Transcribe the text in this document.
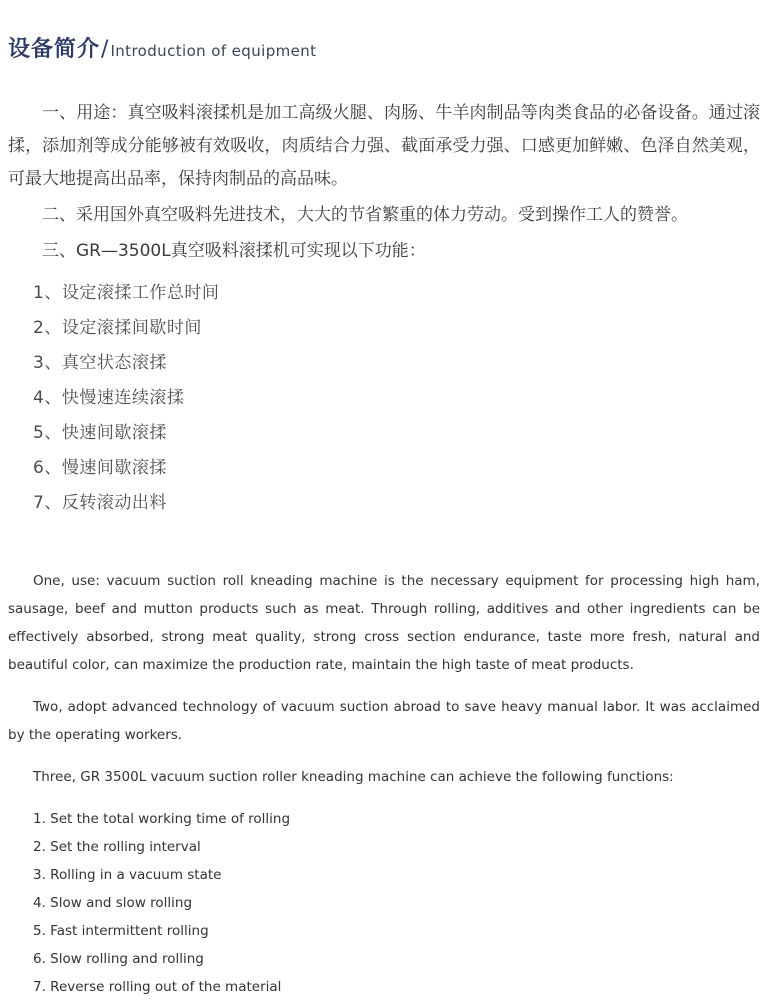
设备简介 / Introduction of equipment

一、用途：真空吸料滚揉机是加工高级火腿、肉肠、牛羊肉制品等肉类食品的必备设备。通过滚揉，添加剂等成分能够被有效吸收，肉质结合力强、截面承受力强、口感更加鲜嫩、色泽自然美观，可最大地提高出品率，保持肉制品的高品味。

二、采用国外真空吸料先进技术，大大的节省繁重的体力劳动。受到操作工人的赞誉。

三、GR—3500L真空吸料滚揉机可实现以下功能：

1、设定滚揉工作总时间
2、设定滚揉间歇时间
3、真空状态滚揉
4、快慢速连续滚揉
5、快速间歇滚揉
6、慢速间歇滚揉
7、反转滚动出料

One, use: vacuum suction roll kneading machine is the necessary equipment for processing high ham, sausage, beef and mutton products such as meat. Through rolling, additives and other ingredients can be effectively absorbed, strong meat quality, strong cross section endurance, taste more fresh, natural and beautiful color, can maximize the production rate, maintain the high taste of meat products.

Two, adopt advanced technology of vacuum suction abroad to save heavy manual labor. It was acclaimed by the operating workers.

Three, GR 3500L vacuum suction roller kneading machine can achieve the following functions:

1. Set the total working time of rolling
2. Set the rolling interval
3. Rolling in a vacuum state
4. Slow and slow rolling
5. Fast intermittent rolling
6. Slow rolling and rolling
7. Reverse rolling out of the material
